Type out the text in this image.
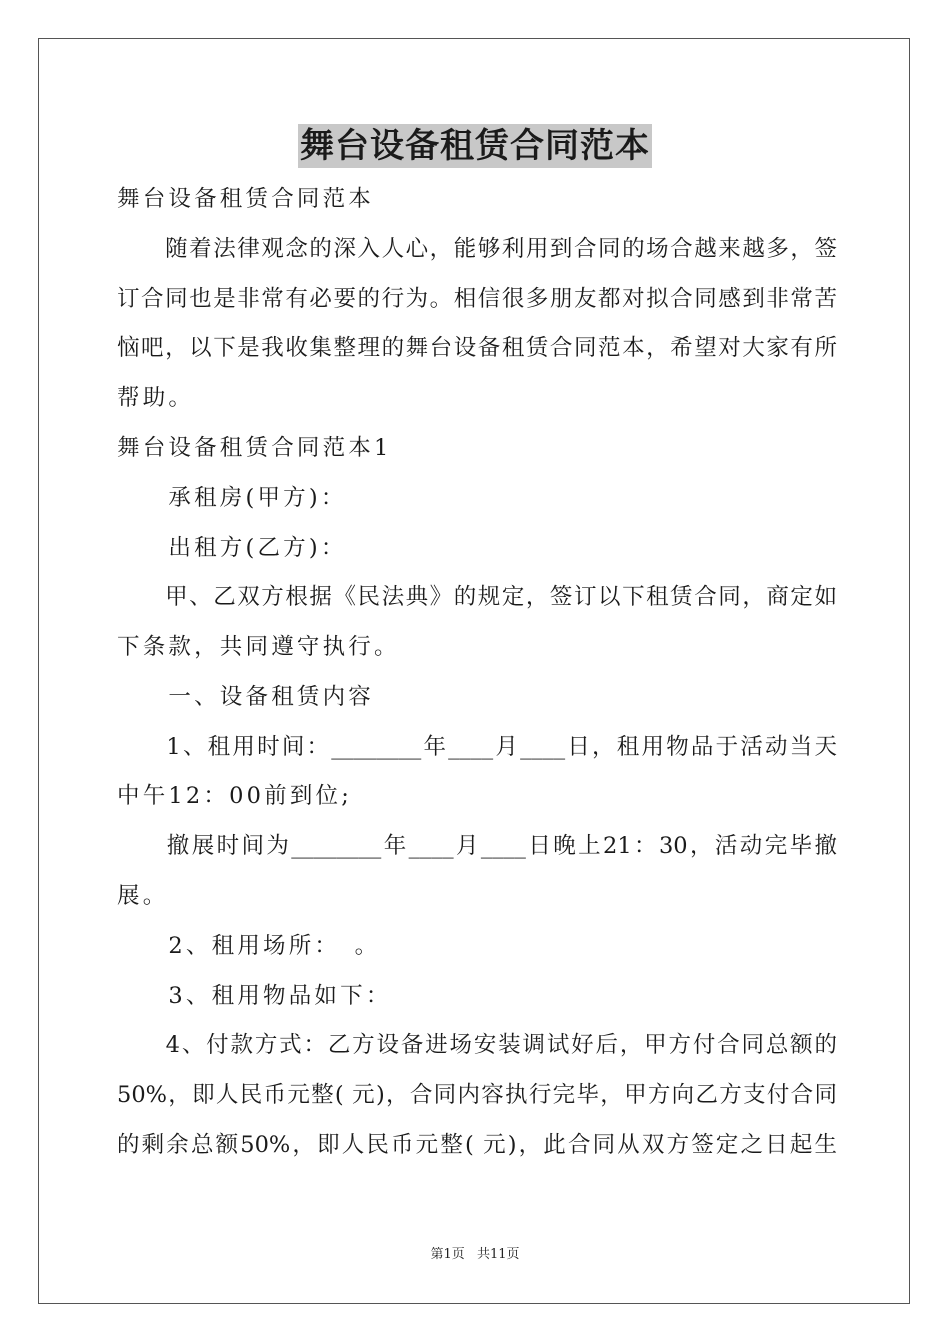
舞台设备租赁合同范本
舞台设备租赁合同范本
　　随着法律观念的深入人心，能够利用到合同的场合越来越多，签
订合同也是非常有必要的行为。相信很多朋友都对拟合同感到非常苦
恼吧，以下是我收集整理的舞台设备租赁合同范本，希望对大家有所
帮助。
舞台设备租赁合同范本1
　　承租房(甲方)：
　　出租方(乙方)：
　　甲、乙双方根据《民法典》的规定，签订以下租赁合同，商定如
下条款，共同遵守执行。
　　一、设备租赁内容
　　1、租用时间：________年____月____日，租用物品于活动当天
中午12：00前到位;
　　撤展时间为________年____月____日晚上21：30，活动完毕撤
展。
　　2、租用场所：　。
　　3、租用物品如下：
　　4、付款方式：乙方设备进场安装调试好后，甲方付合同总额的
50%，即人民币元整( 元)，合同内容执行完毕，甲方向乙方支付合同
的剩余总额50%，即人民币元整( 元)，此合同从双方签定之日起生
第1页 共11页
